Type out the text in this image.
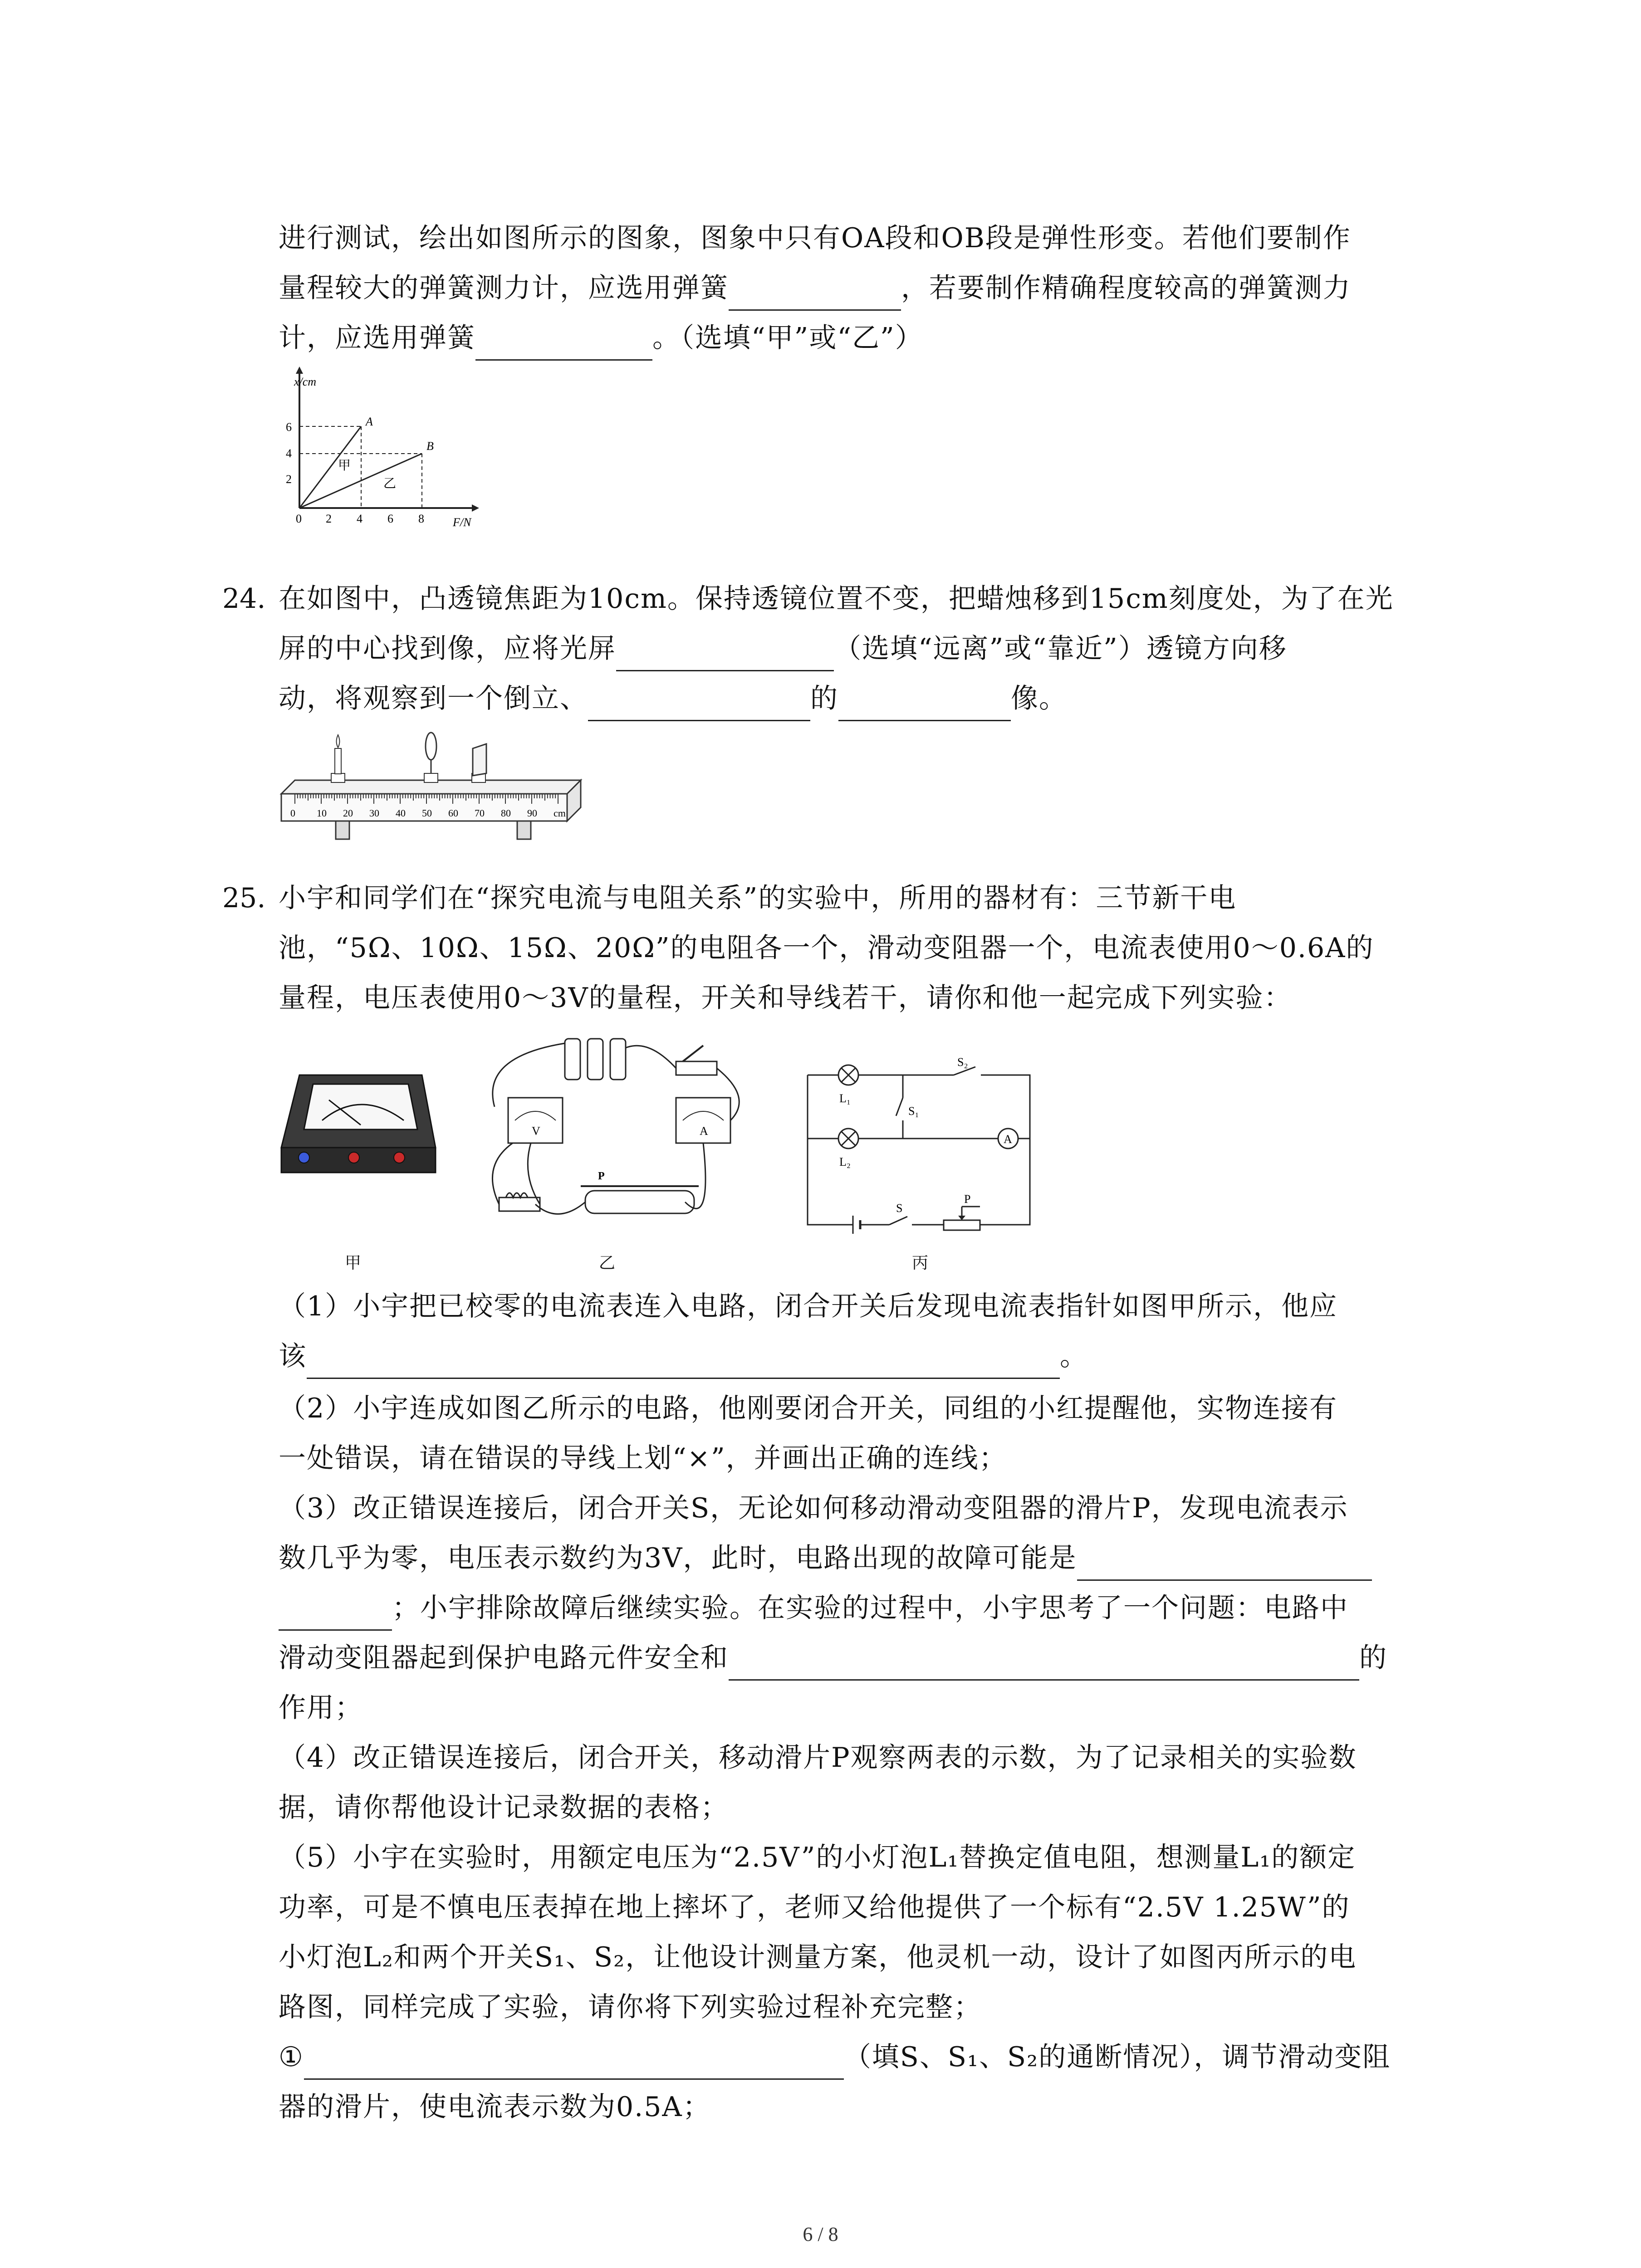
进行测试，绘出如图所示的图象，图象中只有OA段和OB段是弹性形变。若他们要制作
量程较大的弹簧测力计，应选用弹簧	，若要制作精确程度较高的弹簧测力
计，应选用弹簧	。（选填“甲”或“乙”）
x/cm
F/N
2
4
6
0 2 4 6 8
A
B
甲
乙
24. 在如图中，凸透镜焦距为10cm。保持透镜位置不变，把蜡烛移到15cm刻度处，为了在光
屏的中心找到像，应将光屏	（选填“远离”或“靠近”）透镜方向移
动，将观察到一个倒立、	的	像。
0 10 20 30 40 50 60 70 80 90 cm
25. 小宇和同学们在“探究电流与电阻关系”的实验中，所用的器材有：三节新干电
池，“5Ω、10Ω、15Ω、20Ω”的电阻各一个，滑动变阻器一个，电流表使用0～0.6A的
量程，电压表使用0～3V的量程，开关和导线若干，请你和他一起完成下列实验：
甲
V	A
P
乙
L₁
L₂
S₁
S₂
A
S
P
丙
（1）小宇把已校零的电流表连入电路，闭合开关后发现电流表指针如图甲所示，他应
该	。
（2）小宇连成如图乙所示的电路，他刚要闭合开关，同组的小红提醒他，实物连接有
一处错误，请在错误的导线上划“×”，并画出正确的连线；
（3）改正错误连接后，闭合开关S，无论如何移动滑动变阻器的滑片P，发现电流表示
数几乎为零，电压表示数约为3V，此时，电路出现的故障可能是
；小宇排除故障后继续实验。在实验的过程中，小宇思考了一个问题：电路中
滑动变阻器起到保护电路元件安全和	的
作用；
（4）改正错误连接后，闭合开关，移动滑片P观察两表的示数，为了记录相关的实验数
据，请你帮他设计记录数据的表格；
（5）小宇在实验时，用额定电压为“2.5V”的小灯泡L₁替换定值电阻，想测量L₁的额定
功率，可是不慎电压表掉在地上摔坏了，老师又给他提供了一个标有“2.5V 1.25W”的
小灯泡L₂和两个开关S₁、S₂，让他设计测量方案，他灵机一动，设计了如图丙所示的电
路图，同样完成了实验，请你将下列实验过程补充完整；
①	（填S、S₁、S₂的通断情况），调节滑动变阻
器的滑片，使电流表示数为0.5A；
6 / 8
